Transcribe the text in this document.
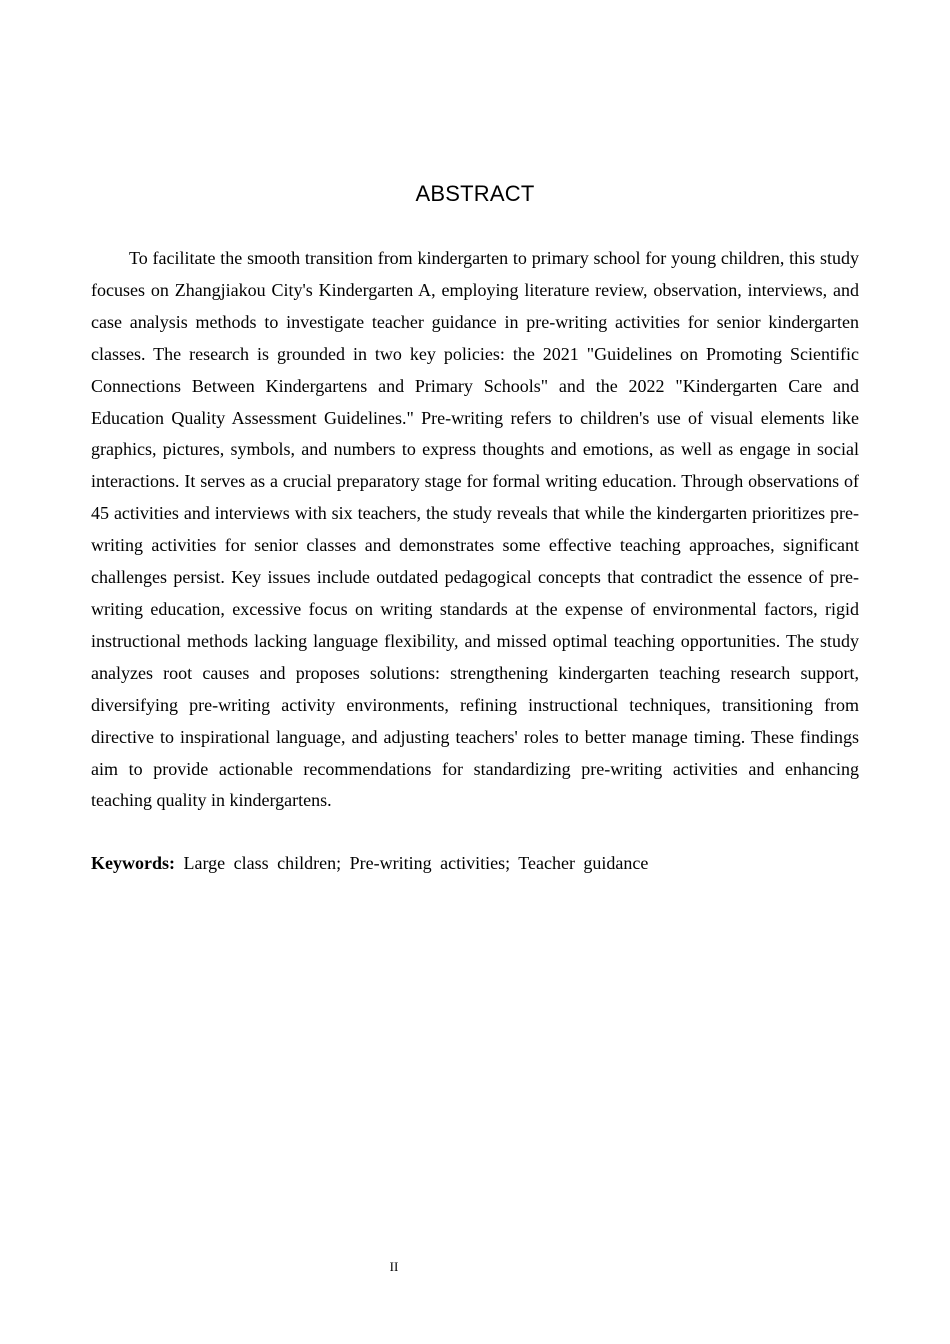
ABSTRACT

To facilitate the smooth transition from kindergarten to primary school for young children, this study focuses on Zhangjiakou City's Kindergarten A, employing literature review, observation, interviews, and case analysis methods to investigate teacher guidance in pre-writing activities for senior kindergarten classes. The research is grounded in two key policies: the 2021 "Guidelines on Promoting Scientific Connections Between Kindergartens and Primary Schools" and the 2022 "Kindergarten Care and Education Quality Assessment Guidelines." Pre-writing refers to children's use of visual elements like graphics, pictures, symbols, and numbers to express thoughts and emotions, as well as engage in social interactions. It serves as a crucial preparatory stage for formal writing education. Through observations of 45 activities and interviews with six teachers, the study reveals that while the kindergarten prioritizes pre-writing activities for senior classes and demonstrates some effective teaching approaches, significant challenges persist. Key issues include outdated pedagogical concepts that contradict the essence of pre-writing education, excessive focus on writing standards at the expense of environmental factors, rigid instructional methods lacking language flexibility, and missed optimal teaching opportunities. The study analyzes root causes and proposes solutions: strengthening kindergarten teaching research support, diversifying pre-writing activity environments, refining instructional techniques, transitioning from directive to inspirational language, and adjusting teachers' roles to better manage timing. These findings aim to provide actionable recommendations for standardizing pre-writing activities and enhancing teaching quality in kindergartens.

Keywords: Large class children; Pre-writing activities; Teacher guidance
II
